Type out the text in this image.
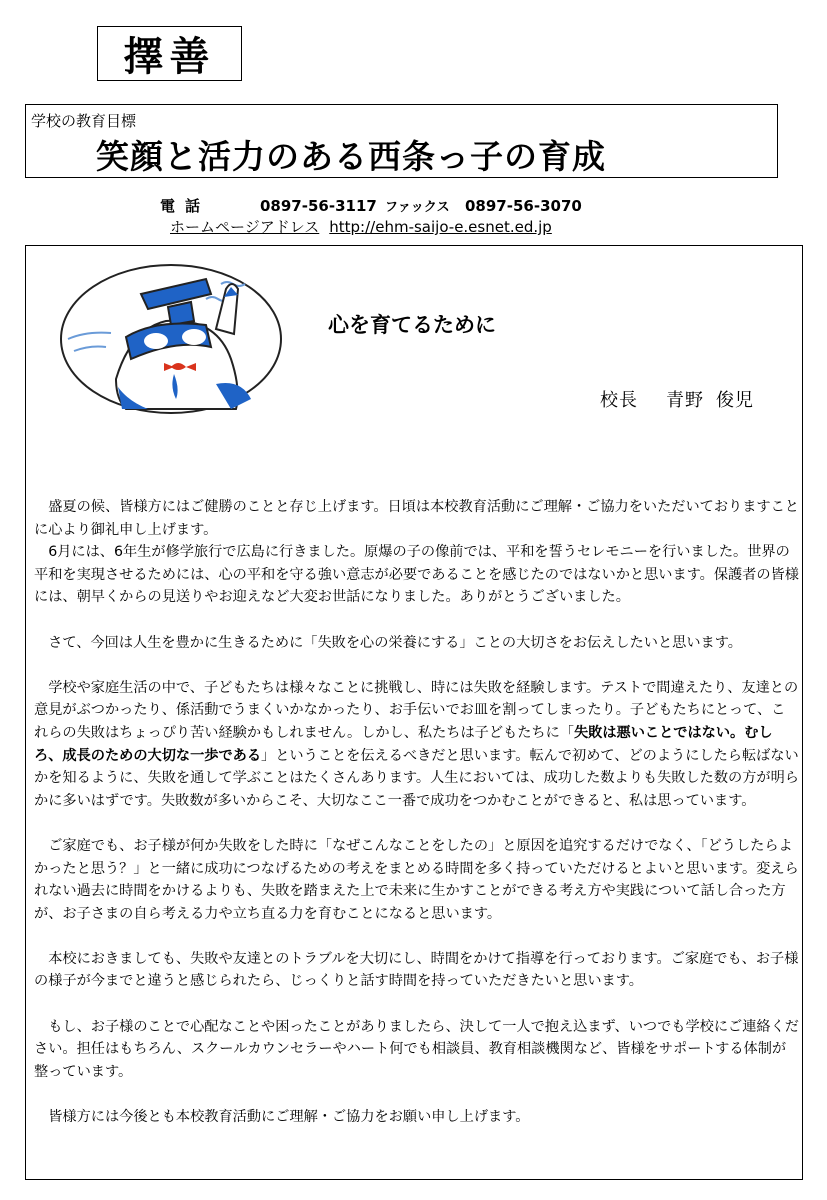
擇善
学校の教育目標
笑顔と活力のある西条っ子の育成
電話	0897-56-3117 ファックス 0897-56-3070
ホームページアドレス http://ehm-saijo-e.esnet.ed.jp
心を育てるために
校長 青野 俊児

盛夏の候、皆様方にはご健勝のことと存じ上げます。日頃は本校教育活動にご理解・ご協力をいただいておりますことに心より御礼申し上げます。

6月には、6年生が修学旅行で広島に行きました。原爆の子の像前では、平和を誓うセレモニーを行いました。世界の平和を実現させるためには、心の平和を守る強い意志が必要であることを感じたのではないかと思います。保護者の皆様には、朝早くからの見送りやお迎えなど大変お世話になりました。ありがとうございました。

さて、今回は人生を豊かに生きるために「失敗を心の栄養にする」ことの大切さをお伝えしたいと思います。

学校や家庭生活の中で、子どもたちは様々なことに挑戦し、時には失敗を経験します。テストで間違えたり、友達との意見がぶつかったり、係活動でうまくいかなかったり、お手伝いでお皿を割ってしまったり。子どもたちにとって、これらの失敗はちょっぴり苦い経験かもしれません。しかし、私たちは子どもたちに「失敗は悪いことではない。むしろ、成長のための大切な一歩である」ということを伝えるべきだと思います。転んで初めて、どのようにしたら転ばないかを知るように、失敗を通して学ぶことはたくさんあります。人生においては、成功した数よりも失敗した数の方が明らかに多いはずです。失敗数が多いからこそ、大切なここ一番で成功をつかむことができると、私は思っています。

ご家庭でも、お子様が何か失敗をした時に「なぜこんなことをしたの」と原因を追究するだけでなく、「どうしたらよかったと思う？」と一緒に成功につなげるための考えをまとめる時間を多く持っていただけるとよいと思います。変えられない過去に時間をかけるよりも、失敗を踏まえた上で未来に生かすことができる考え方や実践について話し合った方が、お子さまの自ら考える力や立ち直る力を育むことになると思います。

本校におきましても、失敗や友達とのトラブルを大切にし、時間をかけて指導を行っております。ご家庭でも、お子様の様子が今までと違うと感じられたら、じっくりと話す時間を持っていただきたいと思います。

もし、お子様のことで心配なことや困ったことがありましたら、決して一人で抱え込まず、いつでも学校にご連絡ください。担任はもちろん、スクールカウンセラーやハート何でも相談員、教育相談機関など、皆様をサポートする体制が整っています。

皆様方には今後とも本校教育活動にご理解・ご協力をお願い申し上げます。
